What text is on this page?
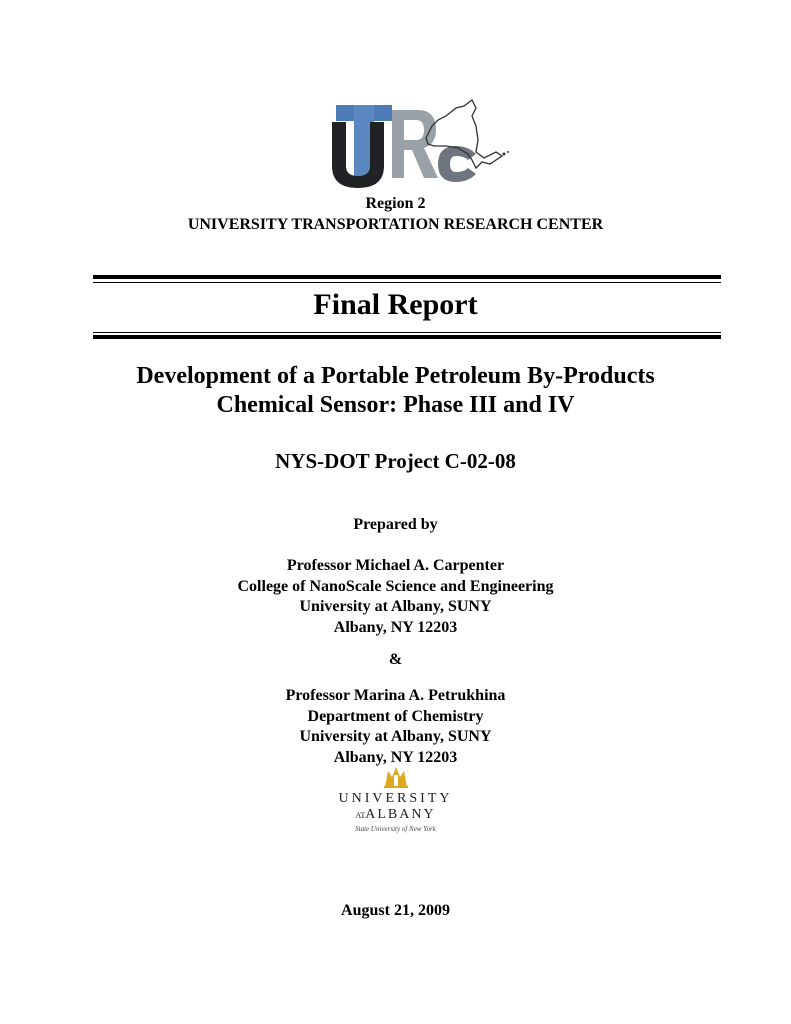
Region 2
UNIVERSITY TRANSPORTATION RESEARCH CENTER
Final Report
Development of a Portable Petroleum By-Products
Chemical Sensor: Phase III and IV
NYS-DOT Project C-02-08
Prepared by
Professor Michael A. Carpenter
College of NanoScale Science and Engineering
University at Albany, SUNY
Albany, NY 12203
&
Professor Marina A. Petrukhina
Department of Chemistry
University at Albany, SUNY
Albany, NY 12203
UNIVERSITY
ATALBANY
State University of New York
August 21, 2009
